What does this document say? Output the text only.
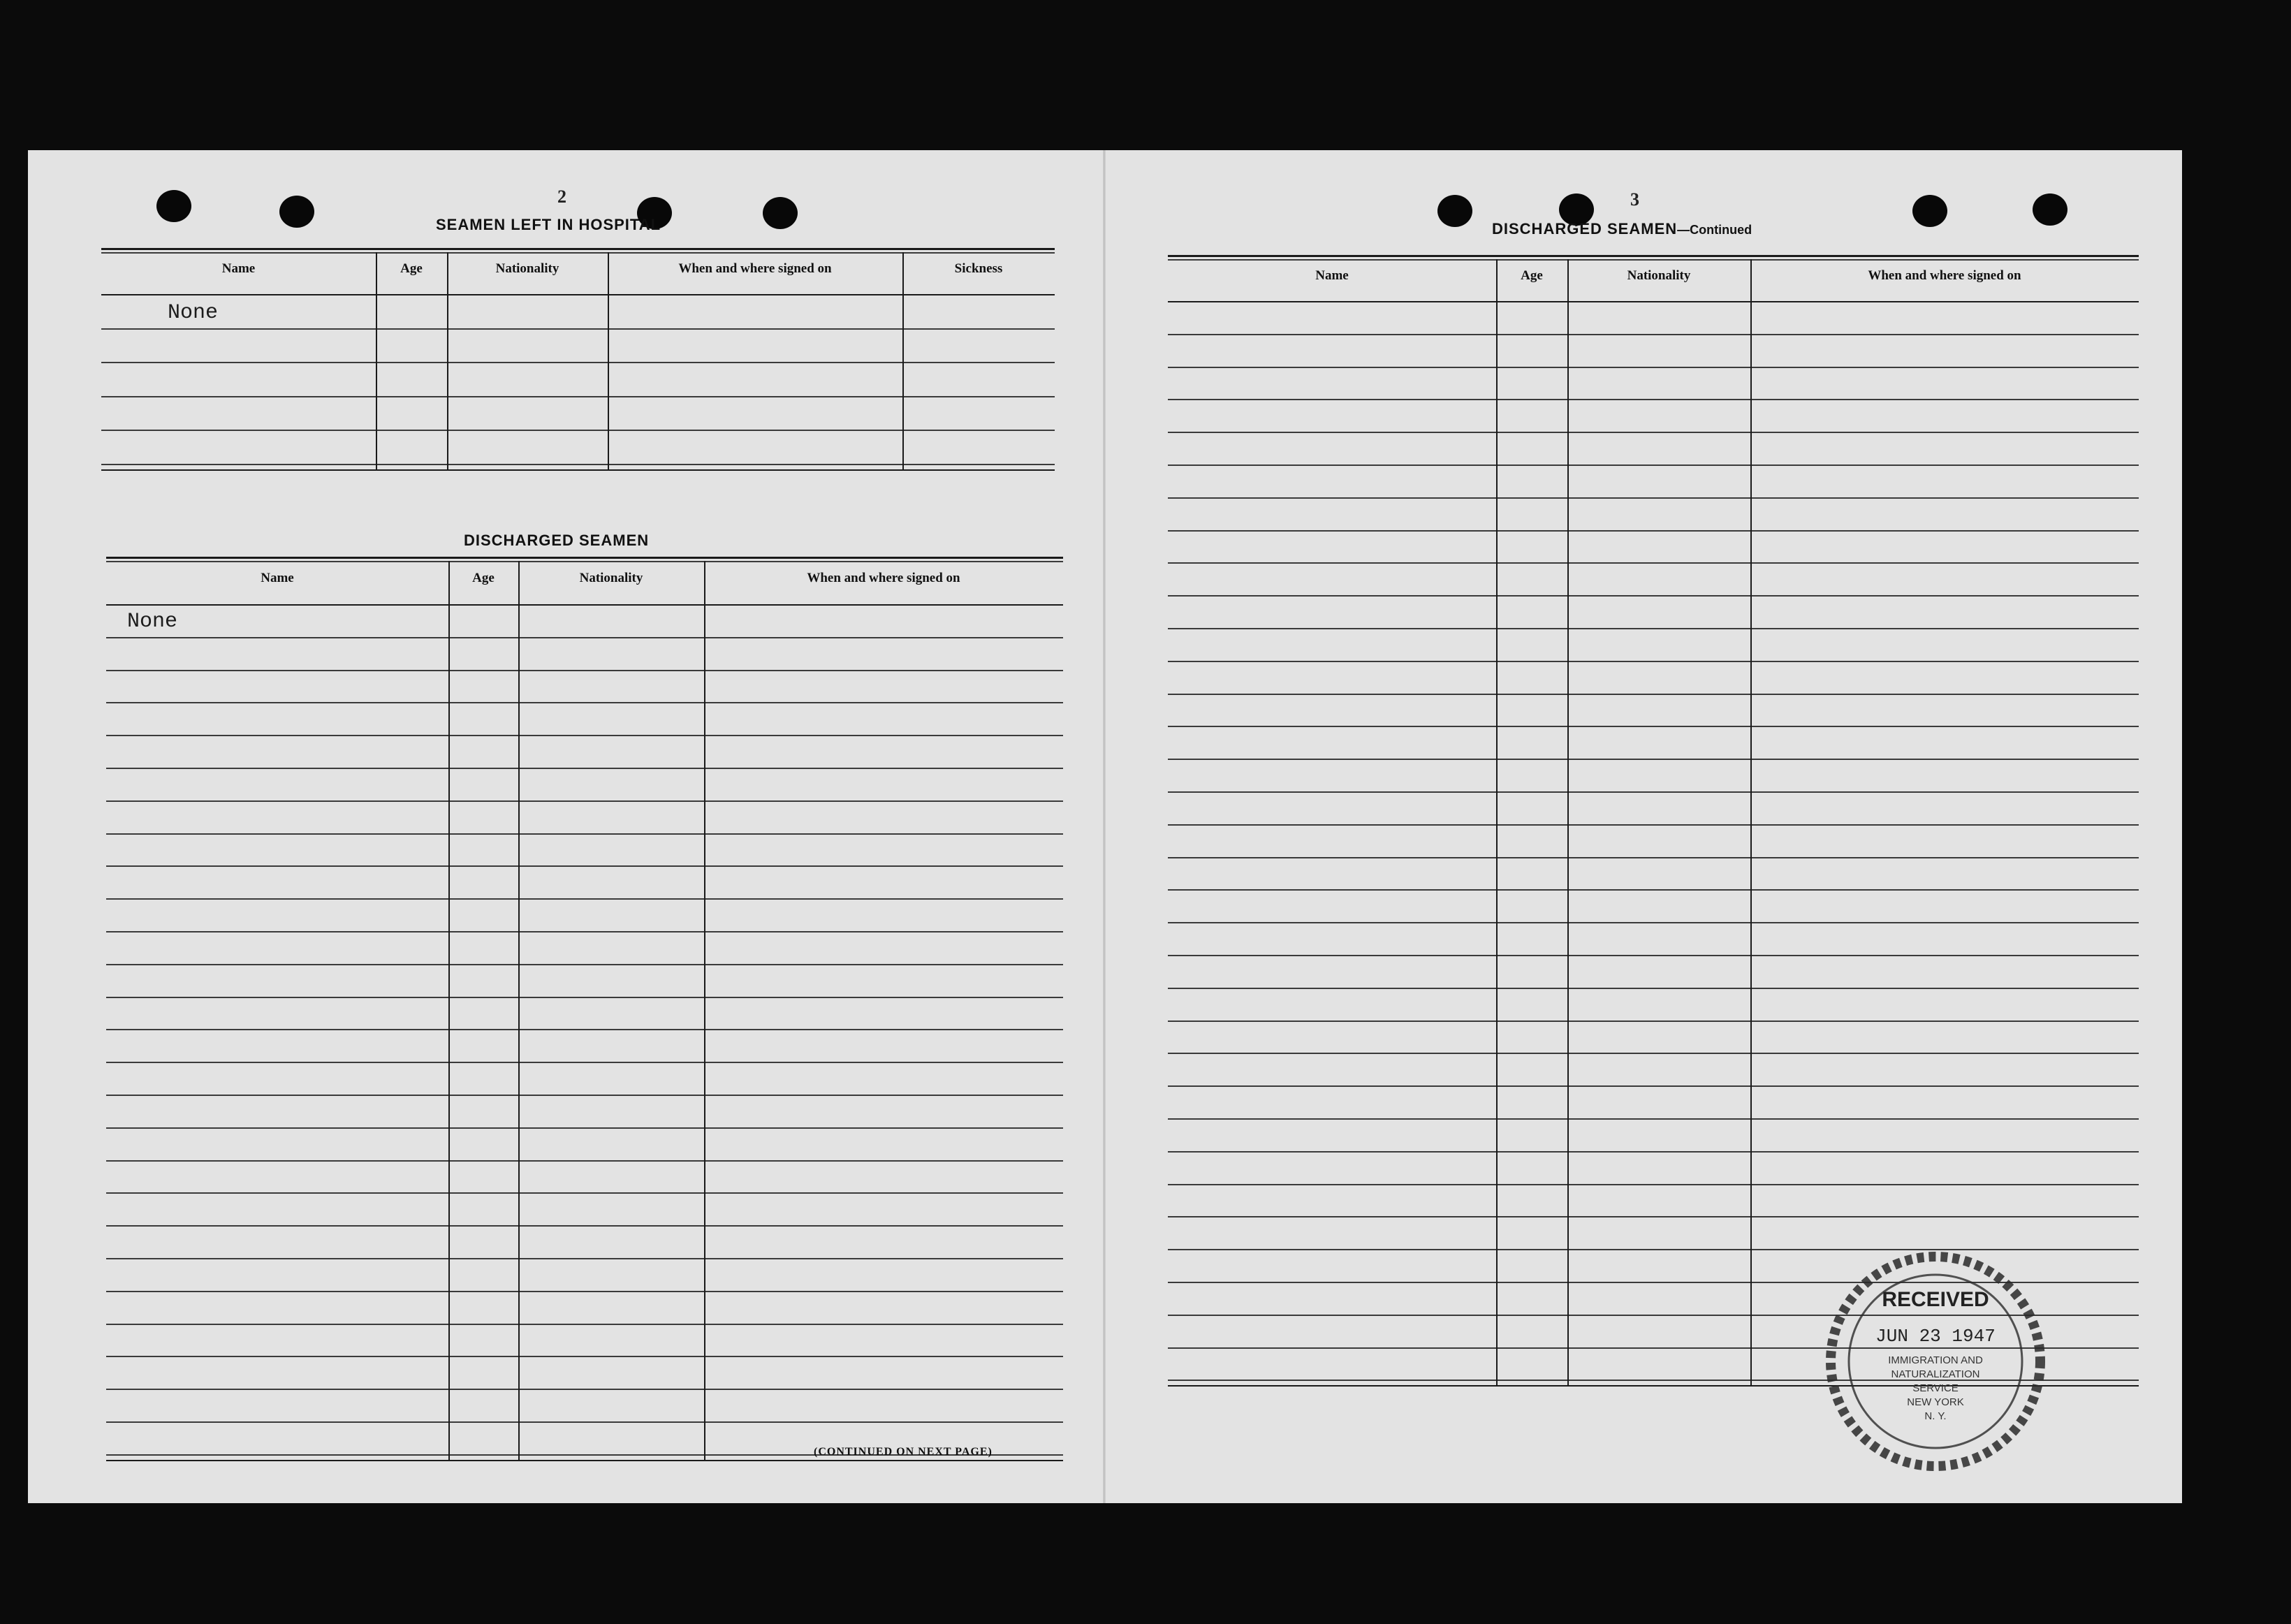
2
SEAMEN LEFT IN HOSPITAL
Name	Age	Nationality	When and where signed on	Sickness
None
DISCHARGED SEAMEN
Name	Age	Nationality	When and where signed on
None
(CONTINUED ON NEXT PAGE)
3
DISCHARGED SEAMEN—Continued
Name	Age	Nationality	When and where signed on
RECEIVED
JUN 23 1947
IMMIGRATION AND
NATURALIZATION
SERVICE
NEW YORK
N. Y.
